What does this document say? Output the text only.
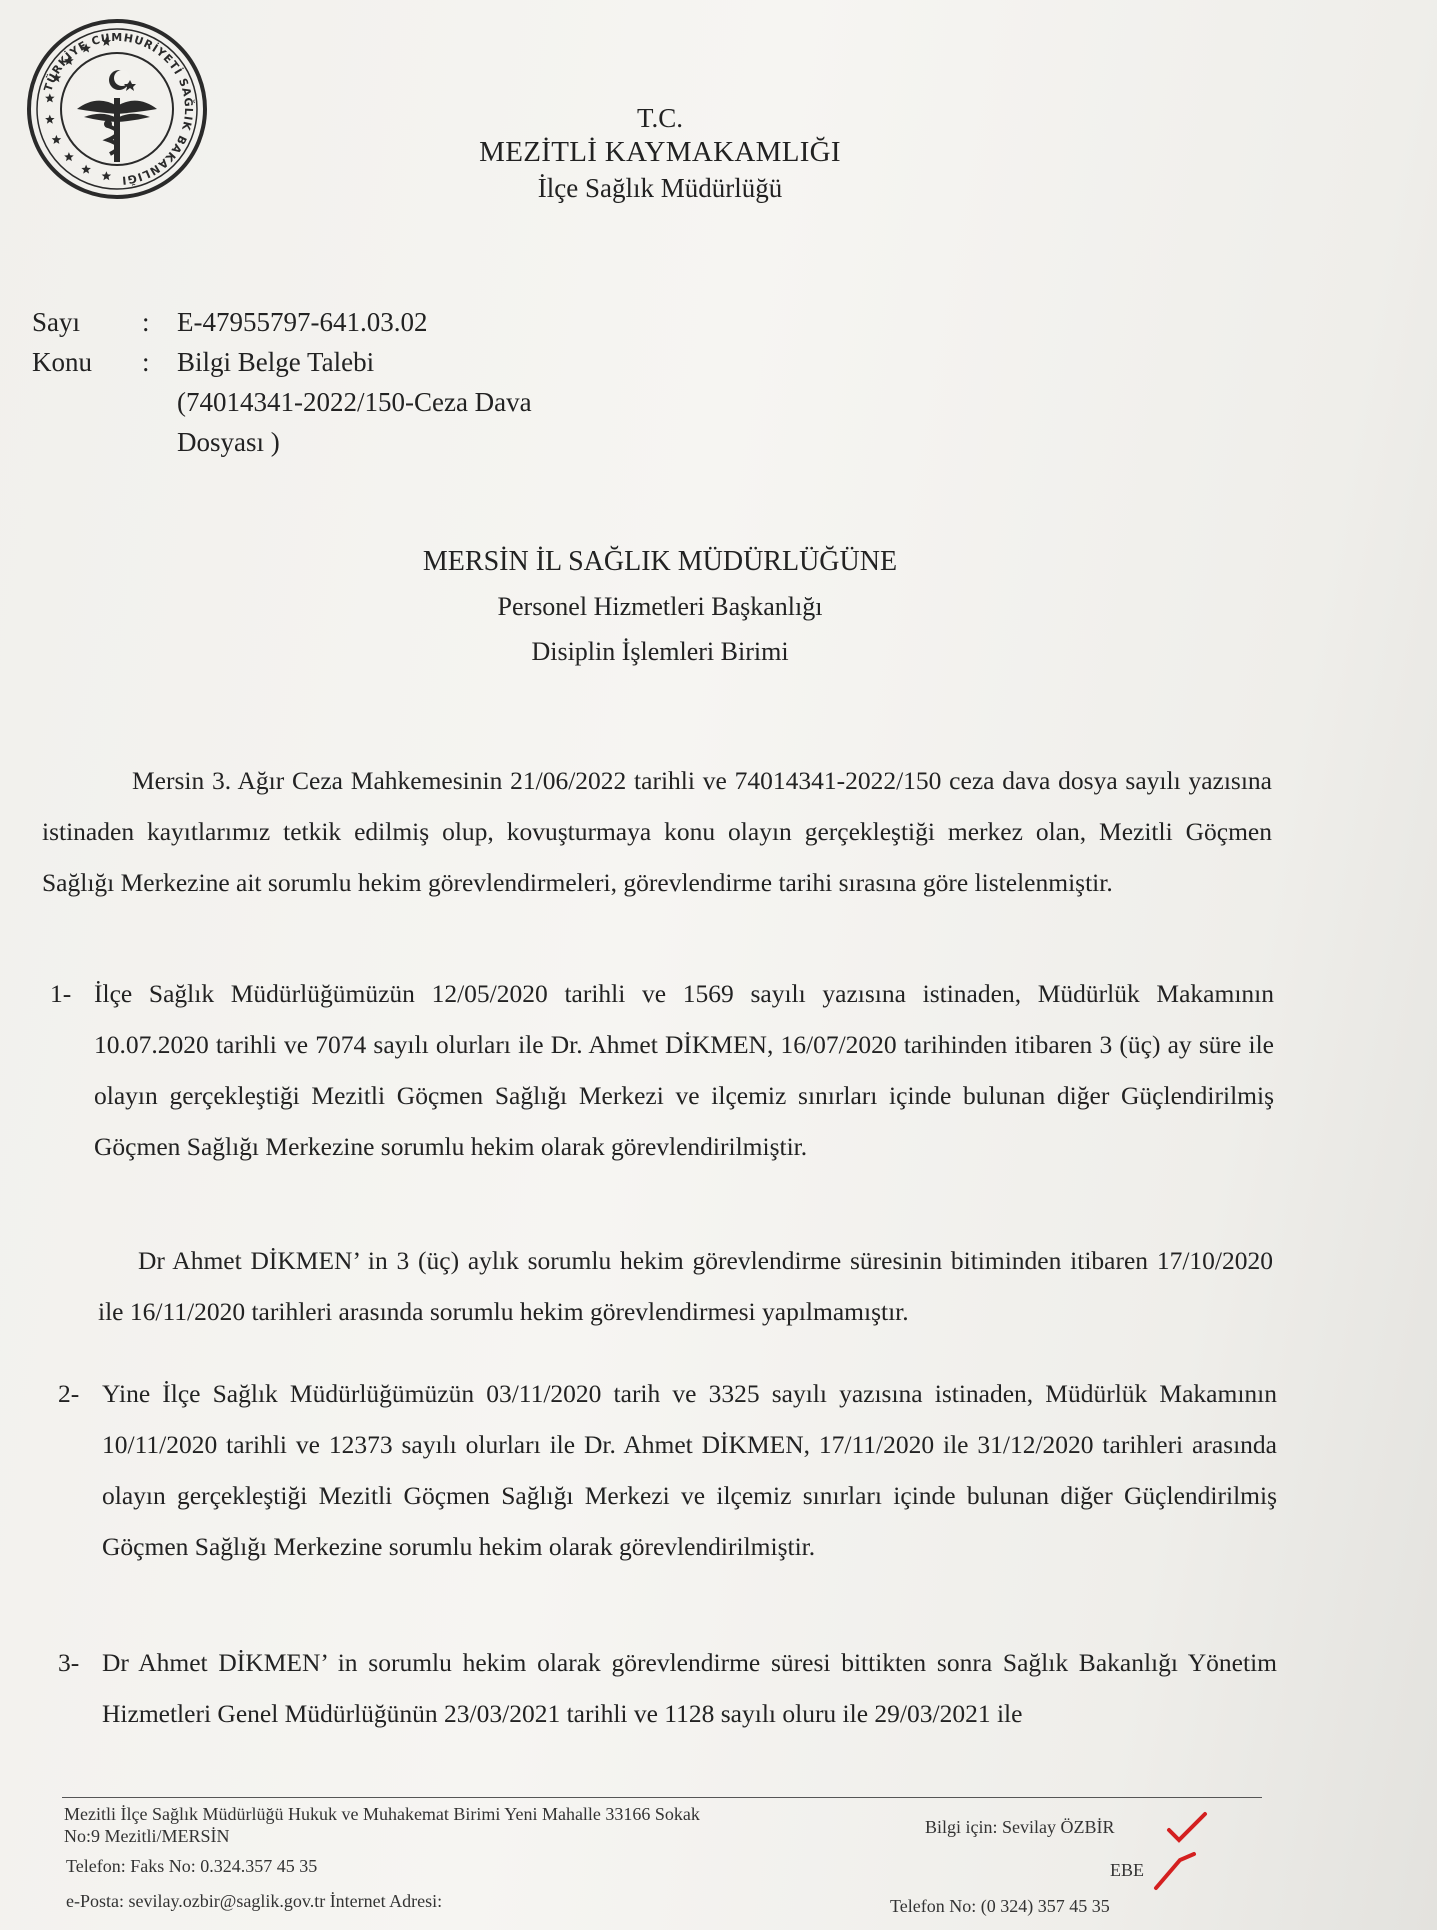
TÜRKİYE CUMHURİYETİ SAĞLIK BAKANLIĞI
T.C.
MEZİTLİ KAYMAKAMLIĞI
İlçe Sağlık Müdürlüğü
Sayı	:	E-47955797-641.03.02
Konu	:	Bilgi Belge Talebi
(74014341-2022/150-Ceza Dava
Dosyası )
MERSİN İL SAĞLIK MÜDÜRLÜĞÜNE
Personel Hizmetleri Başkanlığı
Disiplin İşlemleri Birimi
Mersin 3. Ağır Ceza Mahkemesinin 21/06/2022 tarihli ve 74014341-2022/150 ceza dava dosya sayılı yazısına istinaden kayıtlarımız tetkik edilmiş olup, kovuşturmaya konu olayın gerçekleştiği merkez olan, Mezitli Göçmen Sağlığı Merkezine ait sorumlu hekim görevlendirmeleri, görevlendirme tarihi sırasına göre listelenmiştir.
1- İlçe Sağlık Müdürlüğümüzün 12/05/2020 tarihli ve 1569 sayılı yazısına istinaden, Müdürlük Makamının 10.07.2020 tarihli ve 7074 sayılı olurları ile Dr. Ahmet DİKMEN, 16/07/2020 tarihinden itibaren 3 (üç) ay süre ile olayın gerçekleştiği Mezitli Göçmen Sağlığı Merkezi ve ilçemiz sınırları içinde bulunan diğer Güçlendirilmiş Göçmen Sağlığı Merkezine sorumlu hekim olarak görevlendirilmiştir.
Dr Ahmet DİKMEN’ in 3 (üç) aylık sorumlu hekim görevlendirme süresinin bitiminden itibaren 17/10/2020 ile 16/11/2020 tarihleri arasında sorumlu hekim görevlendirmesi yapılmamıştır.
2- Yine İlçe Sağlık Müdürlüğümüzün 03/11/2020 tarih ve 3325 sayılı yazısına istinaden, Müdürlük Makamının 10/11/2020 tarihli ve 12373 sayılı olurları ile Dr. Ahmet DİKMEN, 17/11/2020 ile 31/12/2020 tarihleri arasında olayın gerçekleştiği Mezitli Göçmen Sağlığı Merkezi ve ilçemiz sınırları içinde bulunan diğer Güçlendirilmiş Göçmen Sağlığı Merkezine sorumlu hekim olarak görevlendirilmiştir.
3- Dr Ahmet DİKMEN’ in sorumlu hekim olarak görevlendirme süresi bittikten sonra Sağlık Bakanlığı Yönetim Hizmetleri Genel Müdürlüğünün 23/03/2021 tarihli ve 1128 sayılı oluru ile 29/03/2021 ile
Mezitli İlçe Sağlık Müdürlüğü Hukuk ve Muhakemat Birimi Yeni Mahalle 33166 Sokak
No:9 Mezitli/MERSİN
Telefon: Faks No: 0.324.357 45 35
e-Posta: sevilay.ozbir@saglik.gov.tr İnternet Adresi:
Bilgi için: Sevilay ÖZBİR
EBE
Telefon No: (0 324) 357 45 35
